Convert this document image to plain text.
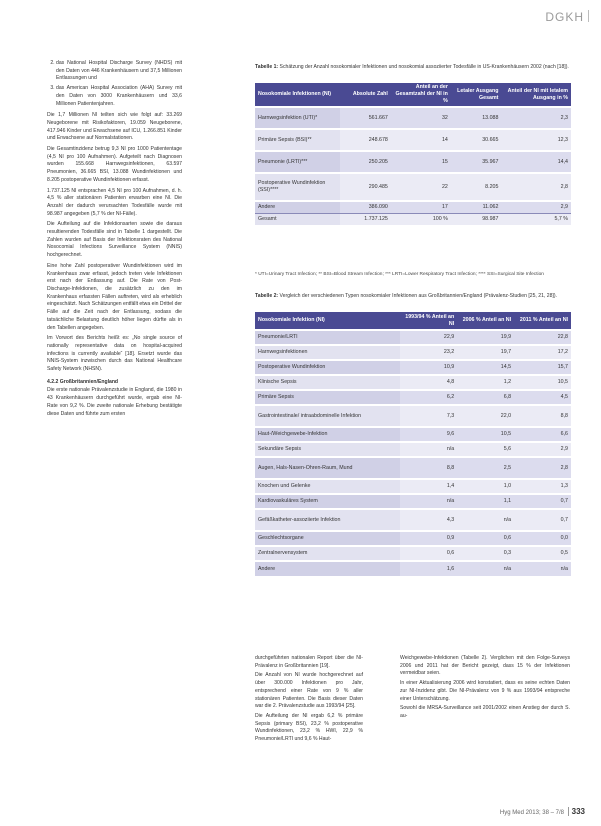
DGKH
2. das National Hospital Discharge Survey (NHDS) mit den Daten von 446 Krankenhäusern und 37,5 Millionen Entlassungen und
3. das American Hospital Association (AHA) Survey mit den Daten von 3000 Krankenhäusern und 33,6 Millionen Patientenjahren.

Die 1,7 Millionen NI teilten sich wie folgt auf: 33.269 Neugeborene mit Risikofaktoren, 19.059 Neugeborene, 417.946 Kinder und Erwachsene auf ICU, 1.266.851 Kinder und Erwachsene auf Normalstationen.

Die Gesamtinzidenz betrug 9,3 NI pro 1000 Patiententage (4,5 NI pro 100 Aufnahmen). Aufgeteilt nach Diagnosen wurden 155.668 Harnwegsinfektionen, 63.597 Pneumonien, 36.665 BSI, 13.088 Wundinfektionen und 8.205 postoperative Wundinfektionen erfasst.

1.737.125 NI entsprachen 4,5 NI pro 100 Aufnahmen, d. h. 4,5 % aller stationären Patienten erwarben eine NI. Die Anzahl der dadurch verursachten Todesfälle wurde mit 98.987 angegeben (5,7 % der NI-Fälle).

Die Aufteilung auf die Infektionsarten sowie die daraus resultierenden Todesfälle sind in Tabelle 1 dargestellt. Die Zahlen wurden auf Basis der Infektionsraten des National Nosocomial Infections Surveillance System (NNIS) hochgerechnet.

Eine hohe Zahl postoperativer Wundinfektionen wird im Krankenhaus zwar erfasst, jedoch treten viele Infektionen erst nach der Entlassung auf. Die Rate von Post-Discharge-Infektionen, die zusätzlich zu den im Krankenhaus erfassten Fällen auftreten, wird als erheblich eingeschätzt. Nach Schätzungen entfällt etwa ein Drittel der Fälle auf die Zeit nach der Entlassung, sodass die tatsächliche Belastung deutlich höher liegen dürfte als in den Tabellen angegeben.

Im Vorwort des Berichts heißt es: „No single source of nationally representative data on hospital-acquired infections is currently available“ [18]. Ersetzt wurde das NNIS-System inzwischen durch das National Healthcare Safety Network (NHSN).

4.2.2 Großbritannien/England

Die erste nationale Prävalenzstudie in England, die 1980 in 43 Krankenhäusern durchgeführt wurde, ergab eine NI-Rate von 9,2 %. Die zweite nationale Erhebung bestätigte diese Daten und führte zum ersten

Tabelle 1: Schätzung der Anzahl nosokomialer Infektionen und nosokomial assoziierter Todesfälle in US-Krankenhäusern 2002 (nach [18]).
Nosokomiale Infektionen (NI)	Absolute Zahl	Anteil an der Gesamtzahl der NI in %	Letaler Ausgang Gesamt	Anteil der NI mit letalem Ausgang in %
Harnwegsinfektion (UTI)*	561.667	32	13.088	2,3
Primäre Sepsis (BSI)**	248.678	14	30.665	12,3
Pneumonie (LRTI)***	250.205	15	35.967	14,4
Postoperative Wundinfektion (SSI)****	290.485	22	8.205	2,8
Andere	386.090	17	11.062	2,9
Gesamt	1.737.125	100 %	98.987	5,7 %
* UTI=Urinary Tract Infection; ** BSI=Blood Stream Infection; *** LRTI=Lower Respiratory Tract Infection; **** SSI=Surgical Site Infection
Tabelle 2: Vergleich der verschiedenen Typen nosokomialer Infektionen aus Großbritannien/England (Prävalenz-Studien [25, 21, 28]).
Nosokomiale Infektion (NI)	1993/94 % Anteil an NI	2006 % Anteil an NI	2011 % Anteil an NI
Pneumonie/LRTI	22,9	19,9	22,8
Harnwegsinfektionen	23,2	19,7	17,2
Postoperative Wundinfektion	10,9	14,5	15,7
Klinische Sepsis	4,8	1,2	10,5
Primäre Sepsis	6,2	6,8	4,5
Gastrointestinale/ intraabdominelle Infektion	7,3	22,0	8,8
Haut-/Weichgewebe-Infektion	9,6	10,5	6,6
Sekundäre Sepsis	n/a	5,6	2,9
Augen, Hals-Nasen-Ohren-Raum, Mund	8,8	2,5	2,8
Knochen und Gelenke	1,4	1,0	1,3
Kardiovaskuläres System	n/a	1,1	0,7
Gefäßkatheter-assoziierte Infektion	4,3	n/a	0,7
Geschlechtsorgane	0,9	0,6	0,0
Zentralnervensystem	0,6	0,3	0,5
Andere	1,6	n/a	n/a

durchgeführten nationalen Report über die NI-Prävalenz in Großbritannien [19].

Die Anzahl von NI wurde hochgerechnet auf über 300.000 Infektionen pro Jahr, entsprechend einer Rate von 9 % aller stationären Patienten. Die Basis dieser Daten war die 2. Prävalenzstudie aus 1993/94 [25].

Die Aufteilung der NI ergab 6,2 % primäre Sepsis (primary BSI), 23,2 % postoperative Wundinfektionen, 23,2 % HWI, 22,9 % Pneumonie/LRTI und 9,6 % Haut-

Weichgewebe-Infektionen (Tabelle 2). Verglichen mit den Folge-Surveys 2006 und 2011 hat der Bericht gezeigt, dass 15 % der Infektionen vermeidbar seien.

In einer Aktualisierung 2006 wird konstatiert, dass es seine echten Daten zur NI-Inzidenz gibt. Die NI-Prävalenz von 9 % aus 1993/94 entspreche einer Unterschätzung.

Sowohl die MRSA-Surveillance seit 2001/2002 einen Anstieg der durch S. au-

Hyg Med 2013; 38 – 7/8 333
